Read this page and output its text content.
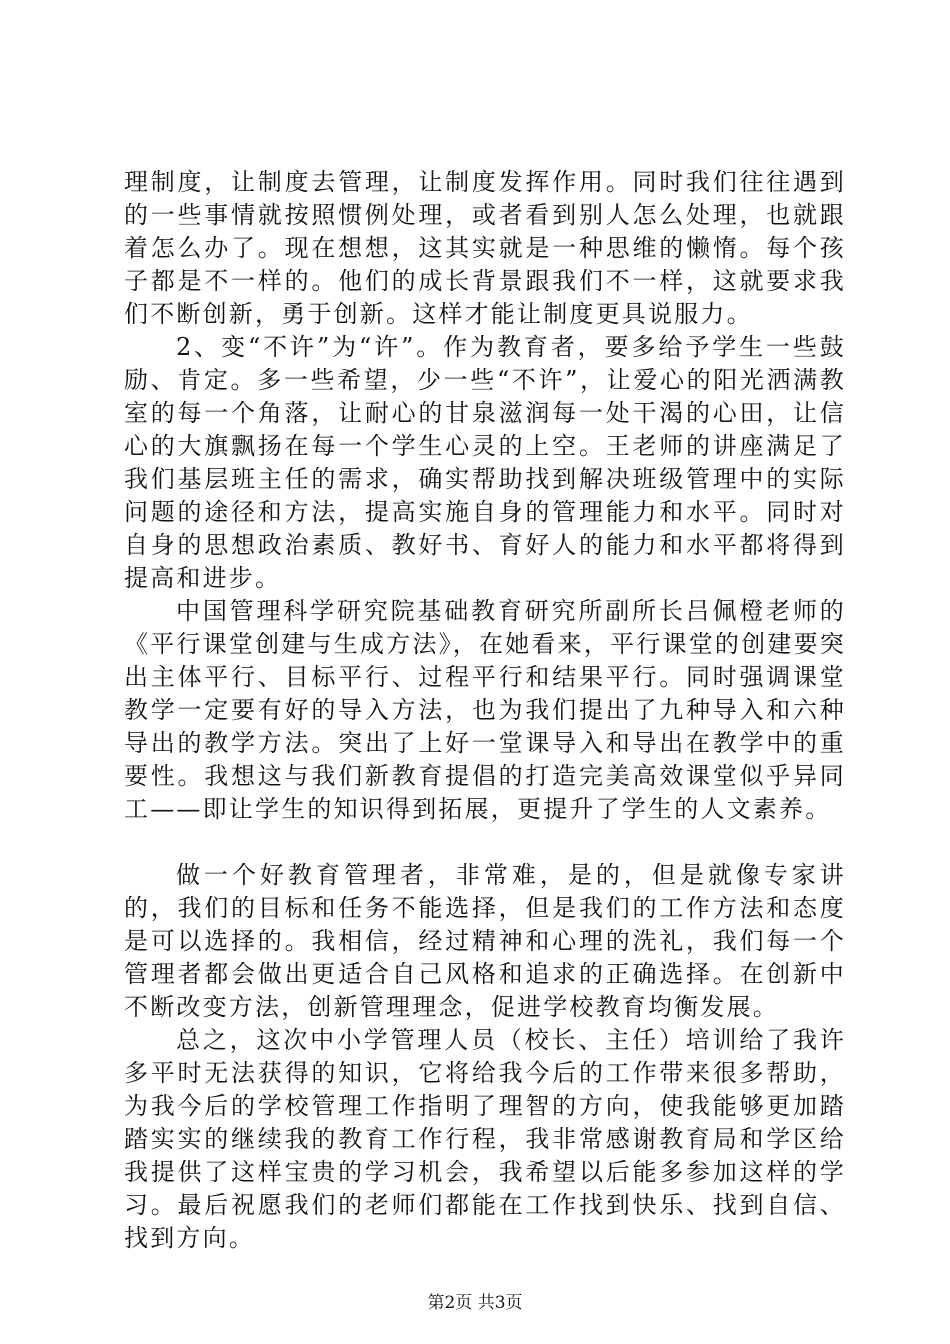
理制度，让制度去管理，让制度发挥作用。同时我们往往遇到的一些事情就按照惯例处理，或者看到别人怎么处理，也就跟着怎么办了。现在想想，这其实就是一种思维的懒惰。每个孩子都是不一样的。他们的成长背景跟我们不一样，这就要求我们不断创新，勇于创新。这样才能让制度更具说服力。

2、变“不许”为“许”。作为教育者，要多给予学生一些鼓励、肯定。多一些希望，少一些“不许”，让爱心的阳光洒满教室的每一个角落，让耐心的甘泉滋润每一处干渴的心田，让信心的大旗飘扬在每一个学生心灵的上空。王老师的讲座满足了我们基层班主任的需求，确实帮助找到解决班级管理中的实际问题的途径和方法，提高实施自身的管理能力和水平。同时对自身的思想政治素质、教好书、育好人的能力和水平都将得到提高和进步。

中国管理科学研究院基础教育研究所副所长吕佩橙老师的《平行课堂创建与生成方法》，在她看来，平行课堂的创建要突出主体平行、目标平行、过程平行和结果平行。同时强调课堂教学一定要有好的导入方法，也为我们提出了九种导入和六种导出的教学方法。突出了上好一堂课导入和导出在教学中的重要性。我想这与我们新教育提倡的打造完美高效课堂似乎异同工——即让学生的知识得到拓展，更提升了学生的人文素养。

做一个好教育管理者，非常难，是的，但是就像专家讲的，我们的目标和任务不能选择，但是我们的工作方法和态度是可以选择的。我相信，经过精神和心理的洗礼，我们每一个管理者都会做出更适合自己风格和追求的正确选择。在创新中不断改变方法，创新管理理念，促进学校教育均衡发展。

总之，这次中小学管理人员（校长、主任）培训给了我许多平时无法获得的知识，它将给我今后的工作带来很多帮助，为我今后的学校管理工作指明了理智的方向，使我能够更加踏踏实实的继续我的教育工作行程，我非常感谢教育局和学区给我提供了这样宝贵的学习机会，我希望以后能多参加这样的学习。最后祝愿我们的老师们都能在工作找到快乐、找到自信、找到方向。

第2页 共3页
